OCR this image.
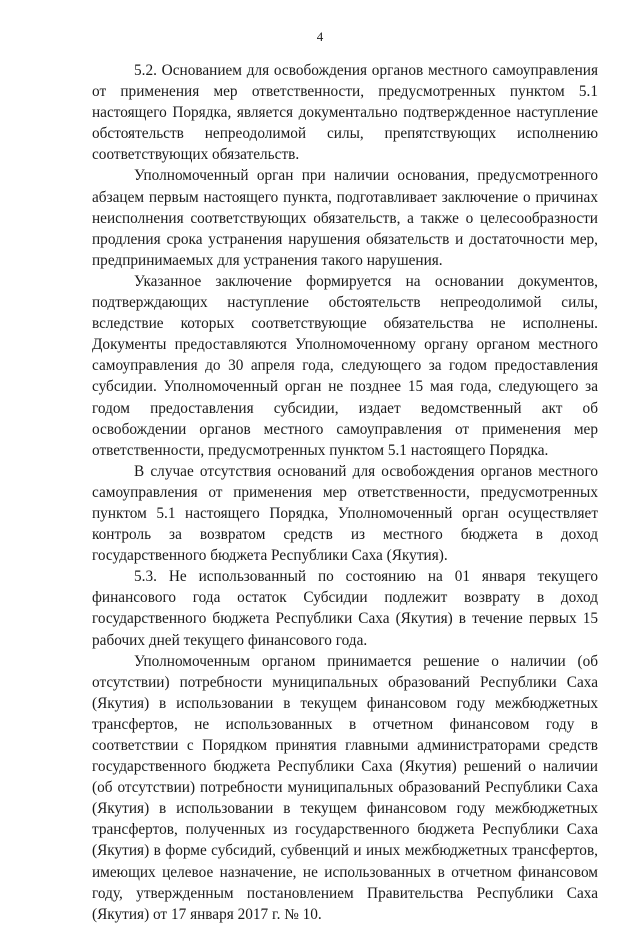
4

5.2. Основанием для освобождения органов местного самоуправления от применения мер ответственности, предусмотренных пунктом 5.1 настоящего Порядка, является документально подтвержденное наступление обстоятельств непреодолимой силы, препятствующих исполнению соответствующих обязательств.

Уполномоченный орган при наличии основания, предусмотренного абзацем первым настоящего пункта, подготавливает заключение о причинах неисполнения соответствующих обязательств, а также о целесообразности продления срока устранения нарушения обязательств и достаточности мер, предпринимаемых для устранения такого нарушения.

Указанное заключение формируется на основании документов, подтверждающих наступление обстоятельств непреодолимой силы, вследствие которых соответствующие обязательства не исполнены. Документы предоставляются Уполномоченному органу органом местного самоуправления до 30 апреля года, следующего за годом предоставления субсидии. Уполномоченный орган не позднее 15 мая года, следующего за годом предоставления субсидии, издает ведомственный акт об освобождении органов местного самоуправления от применения мер ответственности, предусмотренных пунктом 5.1 настоящего Порядка.

В случае отсутствия оснований для освобождения органов местного самоуправления от применения мер ответственности, предусмотренных пунктом 5.1 настоящего Порядка, Уполномоченный орган осуществляет контроль за возвратом средств из местного бюджета в доход государственного бюджета Республики Саха (Якутия).

5.3. Не использованный по состоянию на 01 января текущего финансового года остаток Субсидии подлежит возврату в доход государственного бюджета Республики Саха (Якутия) в течение первых 15 рабочих дней текущего финансового года.

Уполномоченным органом принимается решение о наличии (об отсутствии) потребности муниципальных образований Республики Саха (Якутия) в использовании в текущем финансовом году межбюджетных трансфертов, не использованных в отчетном финансовом году в соответствии с Порядком принятия главными администраторами средств государственного бюджета Республики Саха (Якутия) решений о наличии (об отсутствии) потребности муниципальных образований Республики Саха (Якутия) в использовании в текущем финансовом году межбюджетных трансфертов, полученных из государственного бюджета Республики Саха (Якутия) в форме субсидий, субвенций и иных межбюджетных трансфертов, имеющих целевое назначение, не использованных в отчетном финансовом году, утвержденным постановлением Правительства Республики Саха (Якутия) от 17 января 2017 г. № 10.
